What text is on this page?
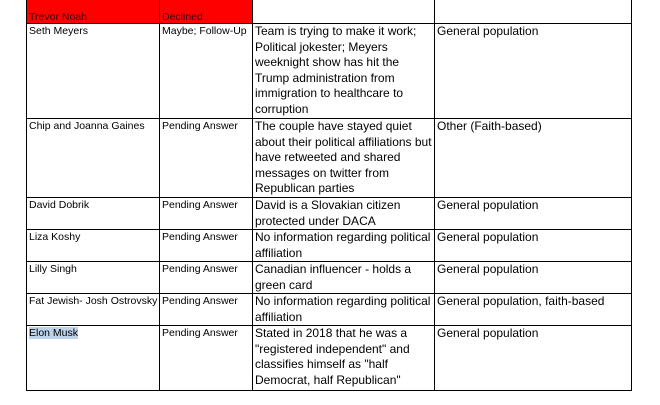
Trevor Noah	Declined		
Seth Meyers	Maybe; Follow-Up	Team is trying to make it work; Political jokester; Meyers weeknight show has hit the Trump administration from immigration to healthcare to corruption	General population
Chip and Joanna Gaines	Pending Answer	The couple have stayed quiet about their political affiliations but have retweeted and shared messages on twitter from Republican parties	Other (Faith-based)
David Dobrik	Pending Answer	David is a Slovakian citizen protected under DACA	General population
Liza Koshy	Pending Answer	No information regarding political affiliation	General population
Lilly Singh	Pending Answer	Canadian influencer - holds a green card	General population
Fat Jewish- Josh Ostrovsky	Pending Answer	No information regarding political affiliation	General population, faith-based
Elon Musk	Pending Answer	Stated in 2018 that he was a "registered independent" and classifies himself as "half Democrat, half Republican"	General population
